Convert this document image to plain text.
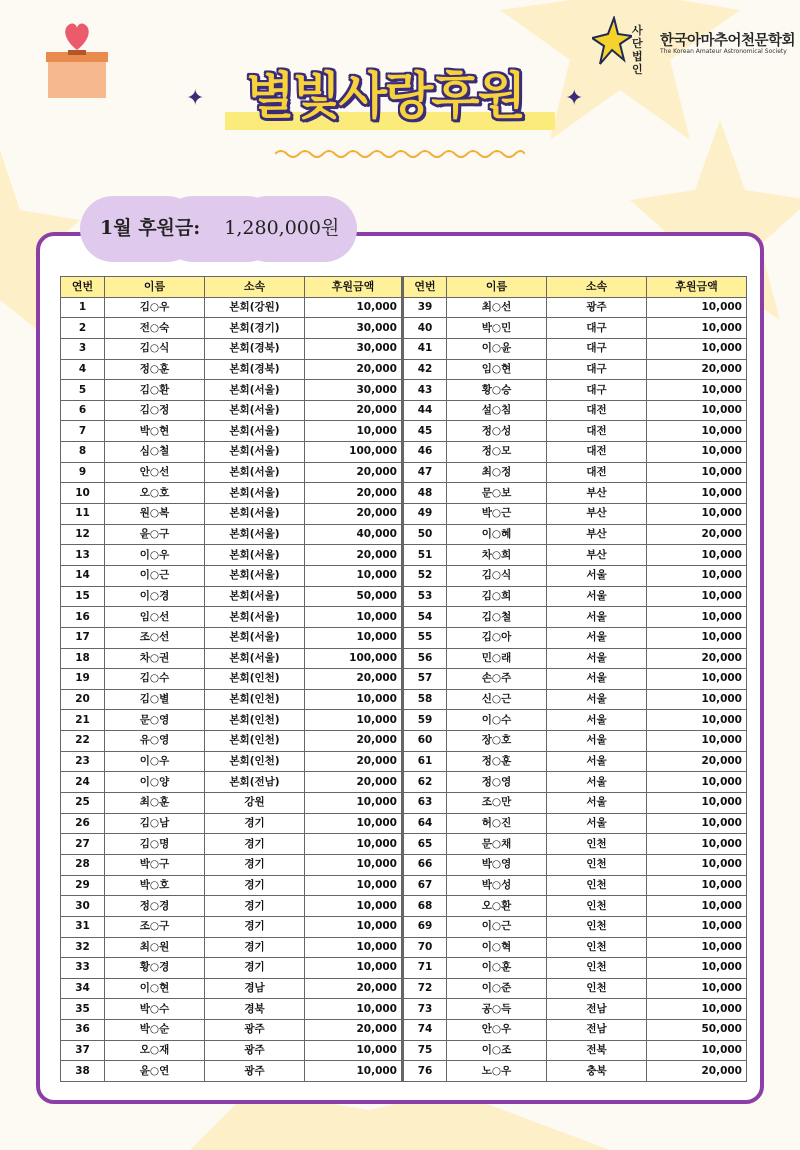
별빛사랑후원
✦	✦
사단
법인
한국아마추어천문학회
The Korean Amateur Astronomical Society
1월 후원금: 1,280,000원
연번	이름	소속	후원금액	연번	이름	소속	후원금액
1	김○우	본회(강원)	10,000	39	최○선	광주	10,000
2	전○숙	본회(경기)	30,000	40	박○민	대구	10,000
3	김○식	본회(경북)	30,000	41	이○윤	대구	10,000
4	정○훈	본회(경북)	20,000	42	임○현	대구	20,000
5	김○환	본회(서울)	30,000	43	황○승	대구	10,000
6	김○정	본회(서울)	20,000	44	설○침	대전	10,000
7	박○현	본회(서울)	10,000	45	정○성	대전	10,000
8	심○철	본회(서울)	100,000	46	정○모	대전	10,000
9	안○선	본회(서울)	20,000	47	최○정	대전	10,000
10	오○호	본회(서울)	20,000	48	문○보	부산	10,000
11	원○복	본회(서울)	20,000	49	박○근	부산	10,000
12	윤○구	본회(서울)	40,000	50	이○혜	부산	20,000
13	이○우	본회(서울)	20,000	51	차○희	부산	10,000
14	이○근	본회(서울)	10,000	52	김○식	서울	10,000
15	이○경	본회(서울)	50,000	53	김○희	서울	10,000
16	임○선	본회(서울)	10,000	54	김○철	서울	10,000
17	조○선	본회(서울)	10,000	55	김○아	서울	10,000
18	차○권	본회(서울)	100,000	56	민○래	서울	20,000
19	김○수	본회(인천)	20,000	57	손○주	서울	10,000
20	김○별	본회(인천)	10,000	58	신○근	서울	10,000
21	문○영	본회(인천)	10,000	59	이○수	서울	10,000
22	유○영	본회(인천)	20,000	60	장○호	서울	10,000
23	이○우	본회(인천)	20,000	61	정○훈	서울	20,000
24	이○양	본회(전남)	20,000	62	정○영	서울	10,000
25	최○훈	강원	10,000	63	조○만	서울	10,000
26	김○남	경기	10,000	64	허○진	서울	10,000
27	김○명	경기	10,000	65	문○채	인천	10,000
28	박○구	경기	10,000	66	박○영	인천	10,000
29	박○호	경기	10,000	67	박○성	인천	10,000
30	정○경	경기	10,000	68	오○환	인천	10,000
31	조○구	경기	10,000	69	이○근	인천	10,000
32	최○원	경기	10,000	70	이○혁	인천	10,000
33	황○경	경기	10,000	71	이○훈	인천	10,000
34	이○현	경남	20,000	72	이○준	인천	10,000
35	박○수	경북	10,000	73	공○득	전남	10,000
36	박○순	광주	20,000	74	안○우	전남	50,000
37	오○재	광주	10,000	75	이○조	전북	10,000
38	윤○연	광주	10,000	76	노○우	충북	20,000
